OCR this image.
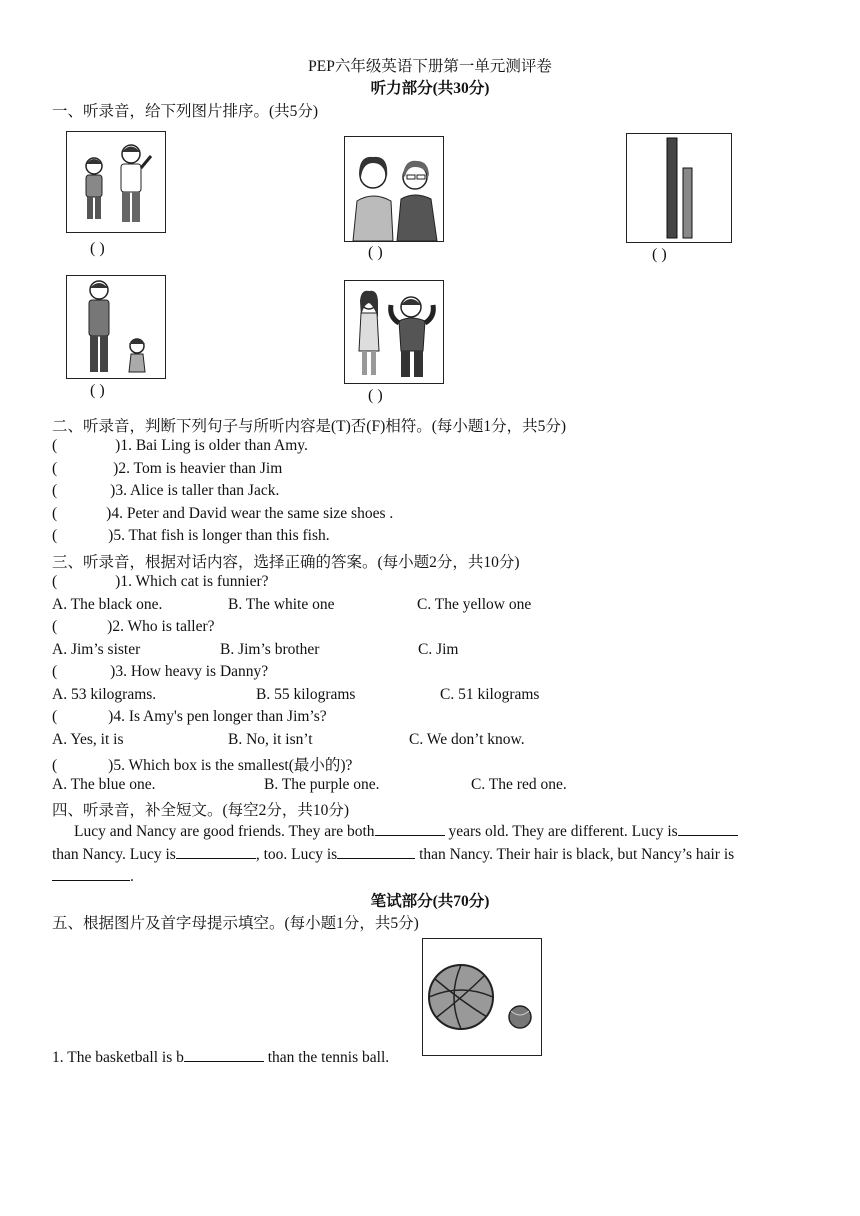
PEP六年级英语下册第一单元测评卷
听力部分(共30分)
一、听录音，给下列图片排序。(共5分)
( )	( )	( )
( )	( )
二、听录音，判断下列句子与所听内容是(T)否(F)相符。(每小题1分，共5分)
(	)1. Bai Ling is older than Amy.
(	)2. Tom is heavier than Jim
(	)3. Alice is taller than Jack.
(	)4. Peter and David wear the same size shoes .
(	)5. That fish is longer than this fish.
三、听录音，根据对话内容，选择正确的答案。(每小题2分，共10分)
(	)1. Which cat is funnier?
A. The black one.	B. The white one	C. The yellow one
(	)2. Who is taller?
A. Jim’s sister	B. Jim’s brother	C. Jim
(	)3. How heavy is Danny?
A. 53 kilograms.	B. 55 kilograms	C. 51 kilograms
(	)4. Is Amy's pen longer than Jim’s?
A. Yes, it is	B. No, it isn’t	C. We don’t know.
(	)5. Which box is the smallest(最小的)?
A. The blue one.	B. The purple one.	C. The red one.
四、听录音，补全短文。(每空2分，共10分)
Lucy and Nancy are good friends. They are both	years old. They are different. Lucy is
than Nancy. Lucy is	, too. Lucy is	than Nancy. Their hair is black, but Nancy’s hair is
.
笔试部分(共70分)
五、根据图片及首字母提示填空。(每小题1分，共5分)
1. The basketball is b	than the tennis ball.
